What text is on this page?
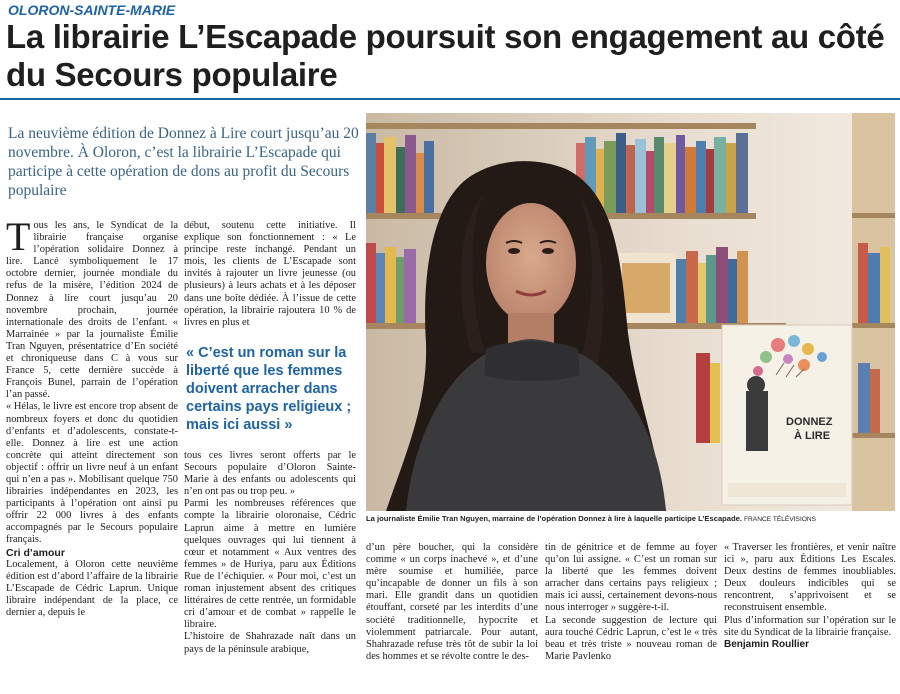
OLORON-SAINTE-MARIE
La librairie L’Escapade poursuit son engagement au côté du Secours populaire
La neuvième édition de Donnez à Lire court jusqu’au 20 novembre. À Oloron, c’est la librairie L’Escapade qui participe à cette opération de dons au profit du Secours populaire
DONNEZ
À LIRE
La journaliste Émilie Tran Nguyen, marraine de l’opération Donnez à lire à laquelle participe L’Escapade. FRANCE TÉLÉVISIONS

Tous les ans, le Syndicat de la librairie française organise l’opération solidaire Donnez à lire. Lancé symboliquement le 17 octobre dernier, journée mondiale du refus de la misère, l’édition 2024 de Donnez à lire court jusqu’au 20 novembre prochain, journée internationale des droits de l’enfant. « Marrainée » par la journaliste Émilie Tran Nguyen, présentatrice d’En société et chroniqueuse dans C à vous sur France 5, cette dernière succède à François Bunel, parrain de l’opération l’an passé.

« Hélas, le livre est encore trop absent de nombreux foyers et donc du quotidien d’enfants et d’adolescents, constate-t-elle. Donnez à lire est une action concrète qui atteint directement son objectif : offrir un livre neuf à un enfant qui n’en a pas ». Mobilisant quelque 750 librairies indépendantes en 2023, les participants à l’opération ont ainsi pu offrir 22 000 livres à des enfants accompagnés par le Secours populaire français.

Cri d’amour

Localement, à Oloron cette neuvième édition est d’abord l’affaire de la librairie L’Escapade de Cédric Laprun. Unique libraire indépendant de la place, ce dernier a, depuis le

début, soutenu cette initiative. Il explique son fonctionnement : « Le principe reste inchangé. Pendant un mois, les clients de L’Escapade sont invités à rajouter un livre jeunesse (ou plusieurs) à leurs achats et à les déposer dans une boîte dédiée. À l’issue de cette opération, la librairie rajoutera 10 % de livres en plus et

« C’est un roman sur la liberté que les femmes doivent arracher dans certains pays religieux ; mais ici aussi »

tous ces livres seront offerts par le Secours populaire d’Oloron Sainte-Marie à des enfants ou adolescents qui n’en ont pas ou trop peu. »

Parmi les nombreuses références que compte la librairie oloronaise, Cédric Laprun aime à mettre en lumière quelques ouvrages qui lui tiennent à cœur et notamment « Aux ventres des femmes » de Huriya, paru aux Éditions Rue de l’échiquier. « Pour moi, c’est un roman injustement absent des critiques littéraires de cette rentrée, un formidable cri d’amour et de combat » rappelle le libraire.

L’histoire de Shahrazade naît dans un pays de la péninsule arabique,

d’un père boucher, qui la considère comme « un corps inachevé », et d’une mère soumise et humiliée, parce qu’incapable de donner un fils à son mari. Elle grandit dans un quotidien étouffant, corseté par les interdits d’une société traditionnelle, hypocrite et violemment patriarcale. Pour autant, Shahrazade refuse très tôt de subir la loi des hommes et se révolte contre le des-

tin de génitrice et de femme au foyer qu’on lui assigne. « C’est un roman sur la liberté que les femmes doivent arracher dans certains pays religieux ; mais ici aussi, certainement devons-nous nous interroger » suggère-t-il.

La seconde suggestion de lecture qui aura touché Cédric Laprun, c’est le « très beau et très triste » nouveau roman de Marie Pavlenko

« Traverser les frontières, et venir naître ici », paru aux Éditions Les Escales. Deux destins de femmes inoubliables. Deux douleurs indicibles qui se rencontrent, s’apprivoisent et se reconstruisent ensemble.

Plus d’information sur l’opération sur le site du Syndicat de la librairie française.

Benjamin Roullier
